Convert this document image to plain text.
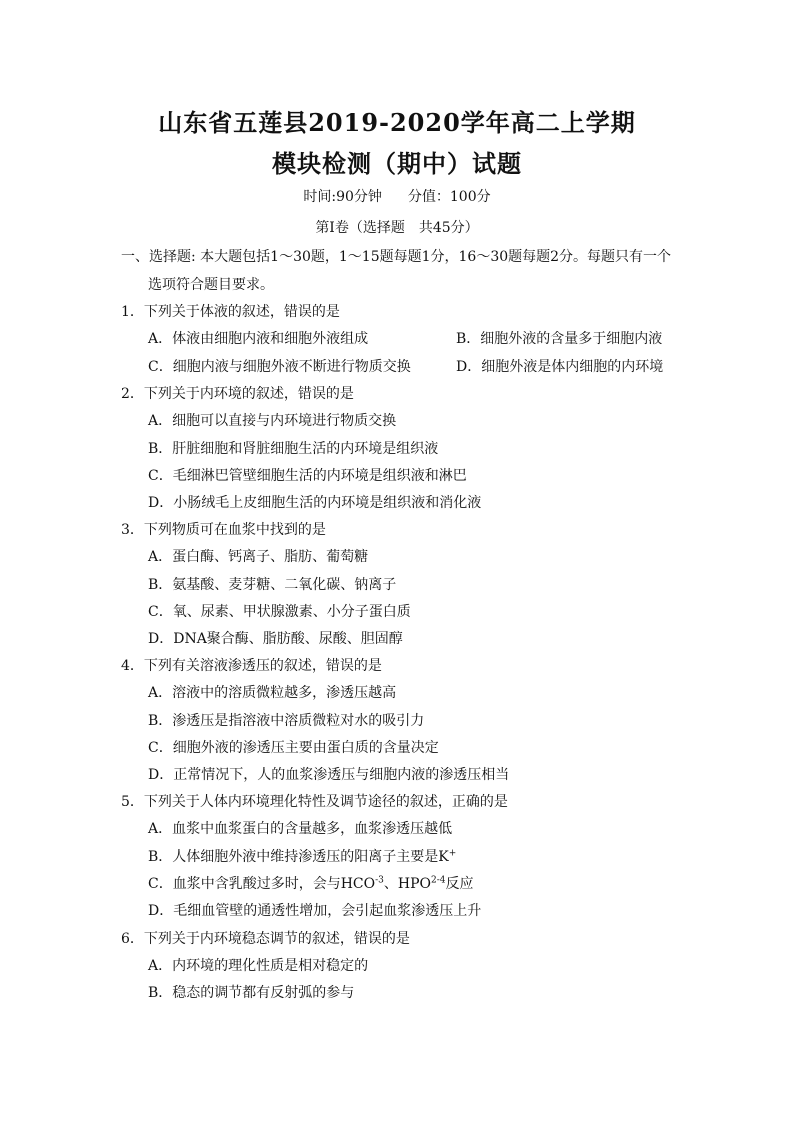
山东省五莲县2019-2020学年高二上学期
模块检测（期中）试题
时间:90分钟 分值：100分
第Ⅰ卷（选择题　共45分）
一、选择题: 本大题包括1～30题，1～15题每题1分，16～30题每题2分。每题只有一个
选项符合题目要求。
1．下列关于体液的叙述，错误的是
A．体液由细胞内液和细胞外液组成	B．细胞外液的含量多于细胞内液
C．细胞内液与细胞外液不断进行物质交换	D．细胞外液是体内细胞的内环境
2．下列关于内环境的叙述，错误的是
A．细胞可以直接与内环境进行物质交换
B．肝脏细胞和肾脏细胞生活的内环境是组织液
C．毛细淋巴管壁细胞生活的内环境是组织液和淋巴
D．小肠绒毛上皮细胞生活的内环境是组织液和消化液
3．下列物质可在血浆中找到的是
A．蛋白酶、钙离子、脂肪、葡萄糖
B．氨基酸、麦芽糖、二氧化碳、钠离子
C．氧、尿素、甲状腺激素、小分子蛋白质
D．DNA聚合酶、脂肪酸、尿酸、胆固醇
4．下列有关溶液渗透压的叙述，错误的是
A．溶液中的溶质微粒越多，渗透压越高
B．渗透压是指溶液中溶质微粒对水的吸引力
C．细胞外液的渗透压主要由蛋白质的含量决定
D．正常情况下，人的血浆渗透压与细胞内液的渗透压相当
5．下列关于人体内环境理化特性及调节途径的叙述，正确的是
A．血浆中血浆蛋白的含量越多，血浆渗透压越低
B．人体细胞外液中维持渗透压的阳离子主要是K+
C．血浆中含乳酸过多时，会与$HCO^{-3}$、HPO$^{2-4}$反应
D．毛细血管壁的通透性增加，会引起血浆渗透压上升
6．下列关于内环境稳态调节的叙述，错误的是
A．内环境的理化性质是相对稳定的
B．稳态的调节都有反射弧的参与
